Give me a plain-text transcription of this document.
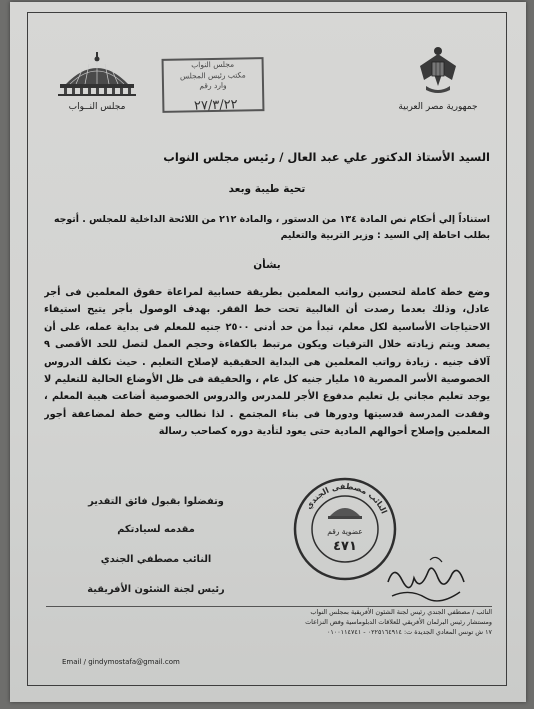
مجلس النــواب	جمهورية مصر العربية
مجلس النواب
مكتب رئيس المجلس
وارد رقم
٢٧/٣/٢٢
السيد الأستاذ الدكتور علي عبد العال / رئيس مجلس النواب
تحية طيبة وبعد
استناداً إلي أحكام نص المادة ١٣٤ من الدستور ، والمادة ٢١٢ من اللائحة الداخلية للمجلس . أتوجه
بطلب احاطة إلي السيد : وزير التربية والتعليم
بشأن
وضع خطة كاملة لتحسين رواتب المعلمين بطريقة حسابية لمراعاة حقوق المعلمين فى أجر عادل، وذلك بعدما رصدت أن الغالبية تحت خط الفقر. بهدف الوصول بأجر يتيح استيفاء الاحتياجات الأساسية لكل معلم، تبدأ من حد أدنى ٢٥٠٠ جنيه للمعلم فى بداية عمله، على أن يصعد ويتم زيادته خلال الترقيات ويكون مرتبط بالكفاءة وحجم العمل لتصل للحد الأقصى ٩ آلاف جنيه . زيادة رواتب المعلمين هى البداية الحقيقية لإصلاح التعليم . حيث تكلف الدروس الخصوصية الأسر المصرية ١٥ مليار جنيه كل عام ، والحقيقة فى ظل الأوضاع الحالية للتعليم لا يوجد تعليم مجاني بل تعليم مدفوع الأجر للمدرس والدروس الخصوصية أضاعت هيبة المعلم ، وفقدت المدرسة قدسيتها ودورها فى بناء المجتمع . لذا نطالب وضع خطة لمضاعفة أجور المعلمين وإصلاح أحوالهم المادية حتى يعود لتأدية دوره كصاحب رسالة
وتفضلوا بقبول فائق التقدير
مقدمه لسيادتكم
النائب مصطفي الجندي
رئيس لجنة الشئون الأفريقية
النائب مصطفى الجندي
عضوية رقم
٤٧١
النائب / مصطفي الجندي رئيس لجنة الشئون الأفريقية بمجلس النواب
ومستشار رئيس البرلمان الأفريقي للعلاقات الدبلوماسية وفض النزاعات
١٧ ش تونس المعادي الجديدة ت: ٠٢٢٥١٦٤٩١٤ - ٠١٠٠١١٤٧٤١
Email / gindymostafa@gmail.com
